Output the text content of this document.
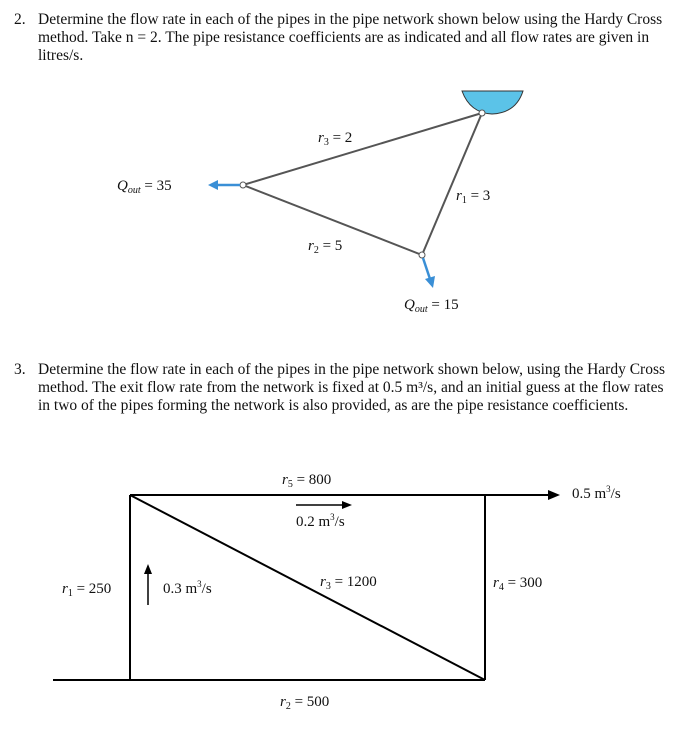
2. Determine the flow rate in each of the pipes in the pipe network shown below using the Hardy Cross method. Take n = 2. The pipe resistance coefficients are as indicated and all flow rates are given in litres/s.
$r_3 = 2$
$r_1 = 3$
$r_2 = 5$
$Q_{out} = 35$
$Q_{out} = 15$
3. Determine the flow rate in each of the pipes in the pipe network shown below, using the Hardy Cross method. The exit flow rate from the network is fixed at 0.5 m³/s, and an initial guess at the flow rates in two of the pipes forming the network is also provided, as are the pipe resistance coefficients.
$r_5 = 800$
0.2 $m^3/s$
0.5 $m^3/s$
$r_1 = 250$	0.3 $m^3/s$	$r_3 = 1200$	$r_4 = 300$
$r_2 = 500$
